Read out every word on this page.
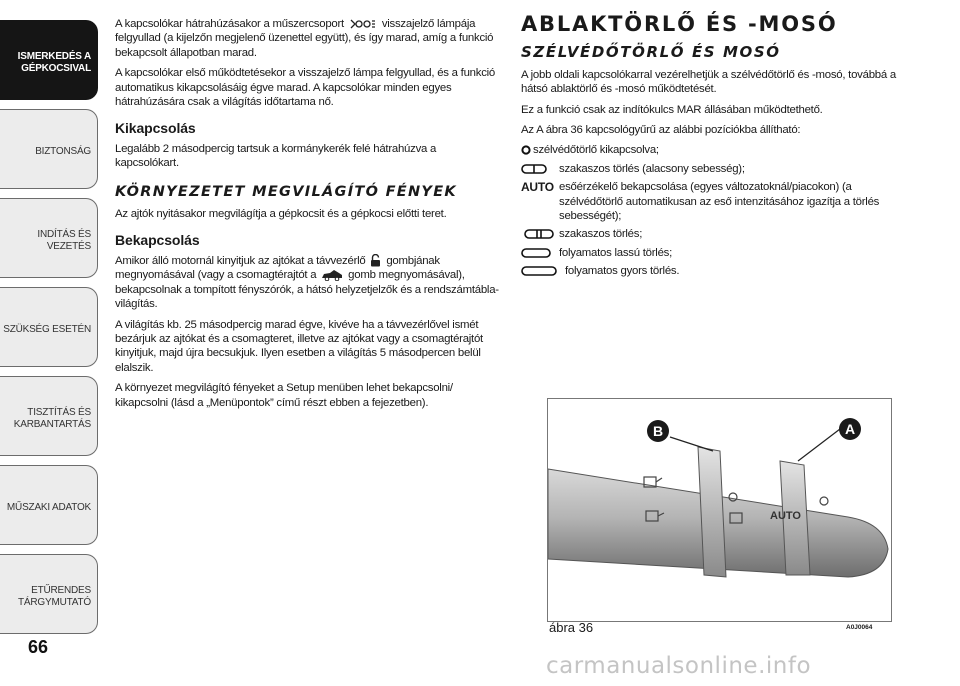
ISMERKEDÉS A
GÉPKOCSIVAL
BIZTONSÁG
INDÍTÁS ÉS VEZETÉS
SZÜKSÉG ESETÉN
TISZTÍTÁS ÉS
KARBANTARTÁS
MŰSZAKI ADATOK
ETŰRENDES
TÁRGYMUTATÓ
66

A kapcsolókar hátrahúzásakor a műszercsoport	visszajelző lámpája felgyullad (a kijelzőn megjelenő üzenettel együtt), és így marad, amíg a funkció bekapcsolt állapotban marad.

A kapcsolókar első működtetésekor a visszajelző lámpa felgyullad, és a funkció automatikus kikapcsolásáig égve marad. A kapcsolókar minden egyes hátrahúzására csak a világítás időtartama nő.

Kikapcsolás

Legalább 2 másodpercig tartsuk a kormánykerék felé hátrahúzva a kapcsolókart.

KÖRNYEZETET MEGVILÁGÍTÓ FÉNYEK

Az ajtók nyitásakor megvilágítja a gépkocsit és a gépkocsi előtti teret.

Bekapcsolás

Amikor álló motornál kinyitjuk az ajtókat a távvezérlő gombjának megnyomásával (vagy a csomagtérajtót a	gomb megnyomásával), bekapcsolnak a tompított fényszórók, a hátsó helyzetjelzők és a rendszámtábla-világítás.

A világítás kb. 25 másodpercig marad égve, kivéve ha a távvezérlővel ismét bezárjuk az ajtókat és a csomagteret, illetve az ajtókat vagy a csomagtérajtót kinyitjuk, majd újra becsukjuk. Ilyen esetben a világítás 5 másodpercen belül elalszik.

A környezet megvilágító fényeket a Setup menüben lehet bekapcsolni/ kikapcsolni (lásd a „Menüpontok” című részt ebben a fejezetben).

ABLAKTÖRLŐ ÉS -MOSÓ
SZÉLVÉDŐTÖRLŐ ÉS MOSÓ

A jobb oldali kapcsolókarral vezérelhetjük a szélvédőtörlő és -mosó, továbbá a hátsó ablaktörlő és -mosó működtetését.

Ez a funkció csak az indítókulcs MAR állásában működtethető.

Az A ábra 36 kapcsológyűrű az alábbi pozíciókba állítható:

szélvédőtörlő kikapcsolva;
szakaszos törlés (alacsony sebesség);
AUTO esőérzékelő bekapcsolása (egyes változatoknál/piacokon) (a szélvédőtörlő automatikusan az eső intenzitásához igazítja a törlés sebességét);
szakaszos törlés;
folyamatos lassú törlés;
folyamatos gyors törlés.
AUTO
B	A
ábra 36	A0J0064
carmanualsonline.info
